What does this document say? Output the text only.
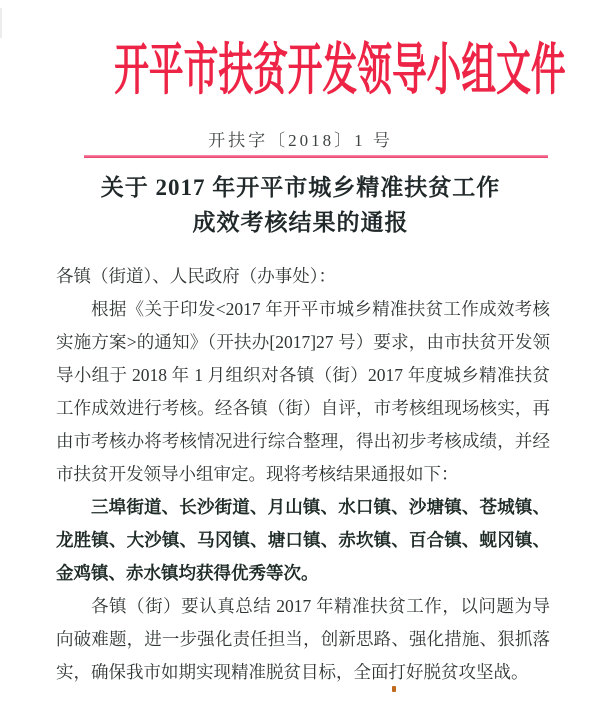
开平市扶贫开发领导小组文件
开扶字〔2018〕1 号
关于 2017 年开平市城乡精准扶贫工作
成效考核结果的通报

各镇（街道）、人民政府（办事处）：

根据《关于印发<2017 年开平市城乡精准扶贫工作成效考核实施方案>的通知》（开扶办[2017]27 号）要求，由市扶贫开发领导小组于 2018 年 1 月组织对各镇（街）2017 年度城乡精准扶贫工作成效进行考核。经各镇（街）自评，市考核组现场核实，再由市考核办将考核情况进行综合整理，得出初步考核成绩，并经市扶贫开发领导小组审定。现将考核结果通报如下：

三埠街道、长沙街道、月山镇、水口镇、沙塘镇、苍城镇、龙胜镇、大沙镇、马冈镇、塘口镇、赤坎镇、百合镇、蚬冈镇、金鸡镇、赤水镇均获得优秀等次。

各镇（街）要认真总结 2017 年精准扶贫工作，以问题为导向破难题，进一步强化责任担当，创新思路、强化措施、狠抓落实，确保我市如期实现精准脱贫目标，全面打好脱贫攻坚战。
